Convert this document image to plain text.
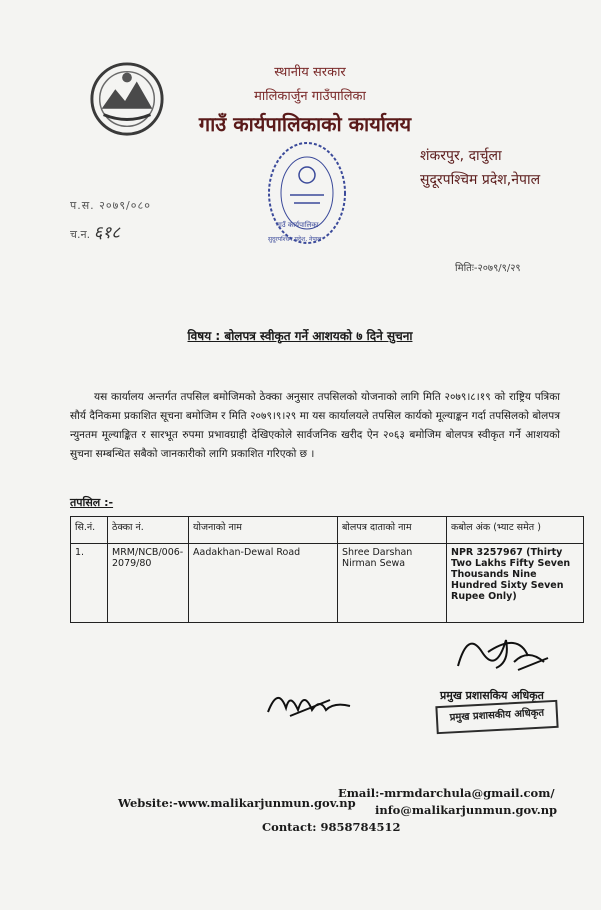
स्थानीय सरकार
मालिकार्जुन गाउँपालिका
गाउँ कार्यपालिकाको कार्यालय
शंकरपुर, दार्चुला
सुदूरपश्चिम प्रदेश,नेपाल
प.स. २०७९/०८०
च.न. ६१८
मितिः-२०७९/९/२९
गाउँ कार्यपालिका
सुदूरपश्चिम प्रदेश, नेपाल
विषय : बोलपत्र स्वीकृत गर्ने आशयको ७ दिने सुचना
यस कार्यालय अन्तर्गत तपसिल बमोजिमको ठेक्का अनुसार तपसिलको योजनाको लागि मिति २०७९।८।१९ को राष्ट्रिय पत्रिका सौर्य दैनिकमा प्रकाशित सूचना बमोजिम र मिति २०७९।९।२९ मा यस कार्यालयले तपसिल कार्यको मूल्याङ्कन गर्दा तपसिलको बोलपत्र न्युनतम मूल्याङ्कित र सारभूत रुपमा प्रभावग्राही देखिएकोले सार्वजनिक खरीद ऐन २०६३ बमोजिम बोलपत्र स्वीकृत गर्ने आशयको सुचना सम्बन्धित सबैको जानकारीको लागि प्रकाशित गरिएको छ ।
तपसिल :-
सि.नं.	ठेक्का नं.	योजनाको नाम	बोलपत्र दाताको नाम	कबोल अंक (भ्याट समेत )
1.	MRM/NCB/006-2079/80	Aadakhan-Dewal Road	Shree Darshan Nirman Sewa	NPR 3257967 (Thirty Two Lakhs Fifty Seven Thousands Nine Hundred Sixty Seven Rupee Only)
प्रमुख प्रशासकिय अधिकृत
प्रमुख प्रशासकीय अधिकृत
Website:-www.malikarjunmun.gov.np
Email:-mrmdarchula@gmail.com/
info@malikarjunmun.gov.np
Contact: 9858784512
